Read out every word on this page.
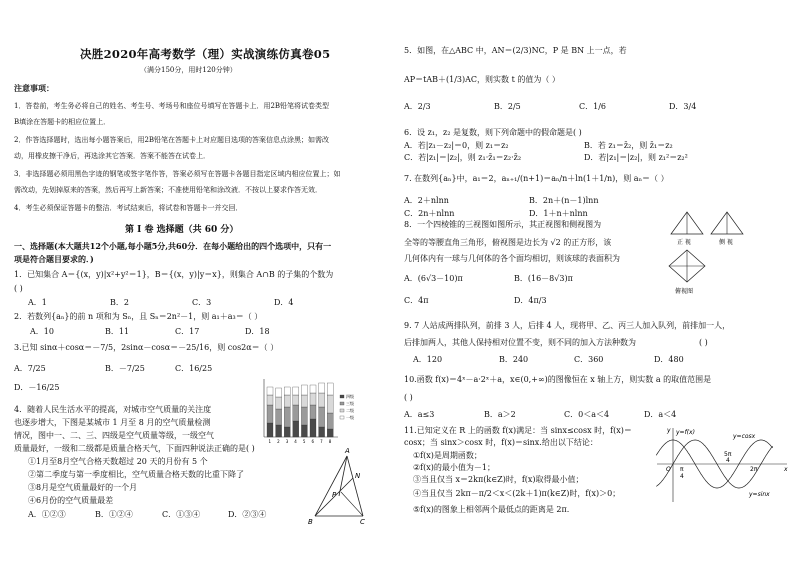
决胜2020年高考数学（理）实战演练仿真卷05
（满分150分，用时120分钟）
注意事项：
1．答卷前，考生务必将自己的姓名、考生号、考场号和座位号填写在答题卡上．用2B铅笔将试卷类型
B填涂在答题卡的相应位置上．
2．作答选择题时，选出每小题答案后，用2B铅笔在答题卡上对应题目选项的答案信息点涂黑；如需改
动，用橡皮擦干净后，再选涂其它答案．答案不能答在试卷上．
3．非选择题必须用黑色字迹的钢笔或签字笔作答，答案必须写在答题卡各题目指定区域内相应位置上；如
需改动，先划掉原来的答案，然后再写上新答案；不准使用铅笔和涂改液．不按以上要求作答无效．
4．考生必须保证答题卡的整洁．考试结束后，将试卷和答题卡一并交回．
第 I 卷 选择题（共 60 分）
一、选择题(本大题共12个小题,每小题5分,共60分．在每小题给出的四个选项中，只有一
项是符合题目要求的．)
1．已知集合 A＝{(x，y)|x²+y²＝1}，B＝{(x，y)|y＝x}，则集合 A∩B 的子集的个数为
( )
A．1	B．2	C．3	D．4
2．若数列{aₙ}的前 n 项和为 Sₙ，且 Sₙ＝2n²－1，则 a₁＋a₃＝（ ）
A．10	B．11	C．17	D．18
3.已知 sinα＋cosα＝－7/5，2sinα－cosα＝－25/16，则 cos2α＝（ ）
A．7/25	B．－7/25	C．16/25
D．－16/25
4．随着人民生活水平的提高，对城市空气质量的关注度
也逐步增大，下图是某城市 1 月至 8 月的空气质量检测
情况，图中一、二、三、四级是空气质量等级，一级空气
质量最好，一级和二级都是质量合格天气，下面四种说法正确的是( )
①1月至8月空气合格天数超过 20 天的月份有 5 个
②第二季度与第一季度相比，空气质量合格天数的比重下降了
③8月是空气质量最好的一个月
④6月份的空气质量最差
A．①②③	B．①②④	C．①③④	D．②③④
1 2 3 4 5 6 7 8
四级
三级
二级
一级
A
N
P
B	C
5．如图，在△ABC 中，AN＝(2/3)NC，P 是 BN 上一点，若
AP＝tAB＋(1/3)AC，则实数 t 的值为（ ）
A．2/3	B．2/5	C．1/6	D．3/4
6．设 z₁，z₂ 是复数，则下列命题中的假命题是( )
A．若|z₁－z₂|＝0，则 z₁＝z₂	B．若 z₁＝z̄₂，则 z̄₁＝z₂
C．若|z₁|＝|z₂|，则 z₁·z̄₁＝z₂·z̄₂	D．若|z₁|＝|z₂|，则 z₁²＝z₂²
7. 在数列{aₙ}中，a₁＝2，aₙ₊₁/(n+1)＝aₙ/n＋ln(1＋1/n)，则 aₙ＝（ ）
A．2＋nlnn	B．2n＋(n－1)lnn
C．2n＋nlnn	D．1＋n＋nlnn
8．一个四棱锥的三视图如图所示，其正视图和侧视图为
全等的等腰直角三角形，俯视图是边长为 √2 的正方形，该
几何体内有一球与几何体的各个面均相切，则该球的表面积为
A．(6√3－10)π	B．(16－8√3)π
C．4π	D．4π/3
正 视	侧 视
俯视图
9. 7 人站成两排队列，前排 3 人，后排 4 人，现将甲、乙、丙三人加入队列，前排加一人，
后排加两人，其他人保持相对位置不变，则不同的加入方法种数为	( )
A．120	B．240	C．360	D．480
10.函数 f(x)＝4ˣ－a·2ˣ＋a，x∈(0,+∞)的图像恒在 x 轴上方，则实数 a 的取值范围是
( )
A．a≤3	B．a＞2	C．0＜a＜4	D．a＜4
11.已知定义在 R 上的函数 f(x)满足：当 sinx≤cosx 时，f(x)＝
cosx；当 sinx＞cosx 时，f(x)＝sinx.给出以下结论：
①f(x)是周期函数；
②f(x)的最小值为－1；
③当且仅当 x＝2kπ(k∈Z)时，f(x)取得最小值；
④当且仅当 2kπ－π/2＜x＜(2k＋1)π(k∈Z)时，f(x)＞0；
⑤f(x)的图象上相邻两个最低点的距离是 2π.
y=f(x)
y=cosx
y=sinx
5π
4
2π
π
4
x
y
O
